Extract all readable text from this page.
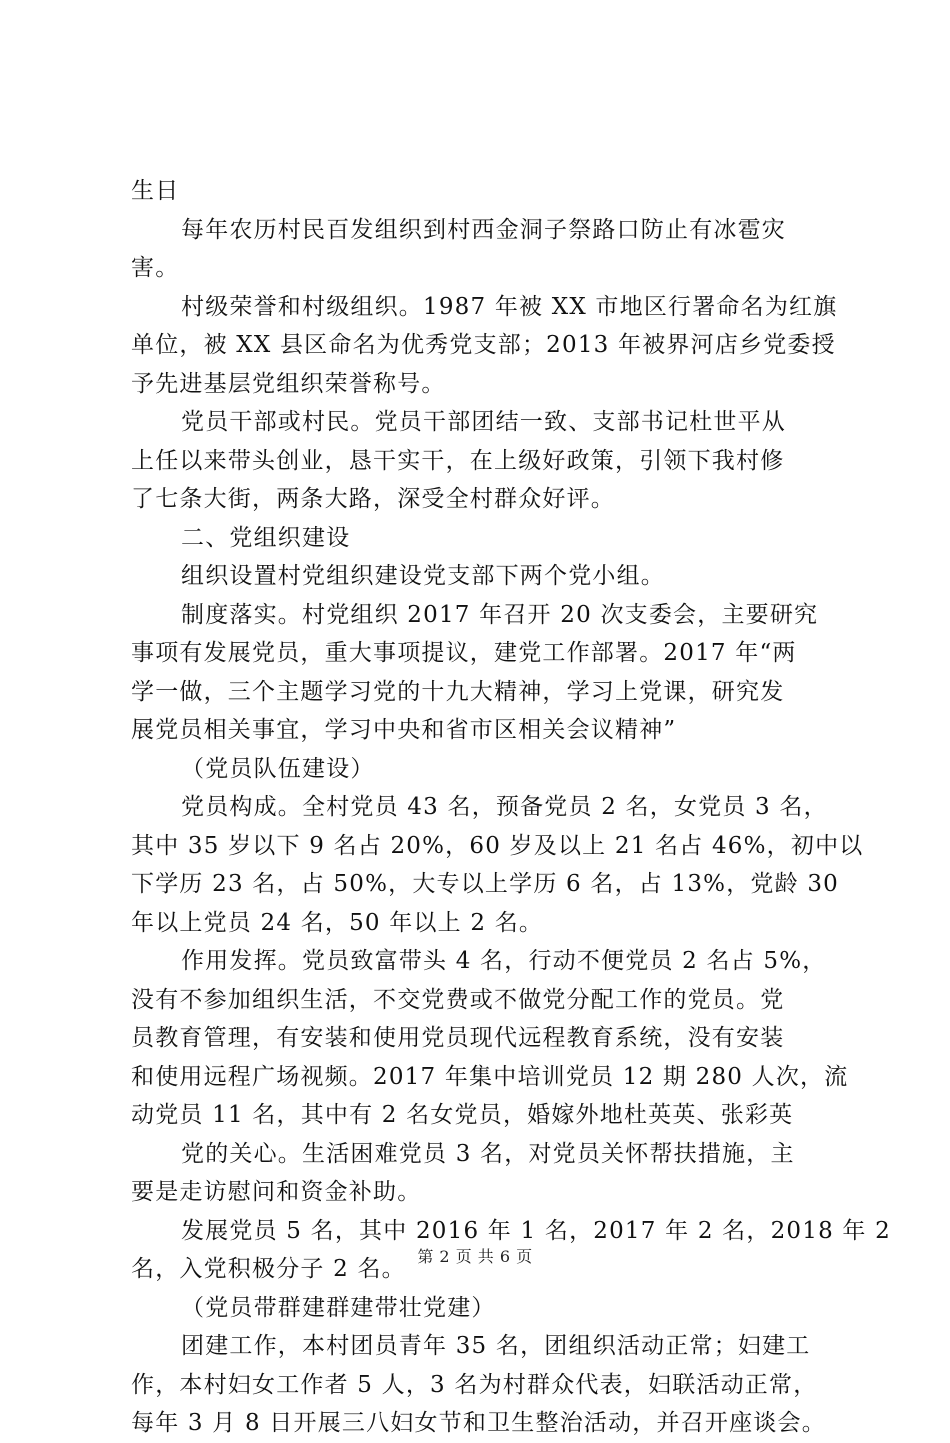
生日
每年农历村民百发组织到村西金洞子祭路口防止有冰雹灾
害。
村级荣誉和村级组织。1987 年被 XX 市地区行署命名为红旗
单位，被 XX 县区命名为优秀党支部；2013 年被界河店乡党委授
予先进基层党组织荣誉称号。
党员干部或村民。党员干部团结一致、支部书记杜世平从
上任以来带头创业，恳干实干，在上级好政策，引领下我村修
了七条大街，两条大路，深受全村群众好评。
二、党组织建设
组织设置村党组织建设党支部下两个党小组。
制度落实。村党组织 2017 年召开 20 次支委会，主要研究
事项有发展党员，重大事项提议，建党工作部署。2017 年“两
学一做，三个主题学习党的十九大精神，学习上党课，研究发
展党员相关事宜，学习中央和省市区相关会议精神”
（党员队伍建设）
党员构成。全村党员 43 名，预备党员 2 名，女党员 3 名，
其中 35 岁以下 9 名占 20%，60 岁及以上 21 名占 46%，初中以
下学历 23 名，占 50%，大专以上学历 6 名，占 13%，党龄 30
年以上党员 24 名，50 年以上 2 名。
作用发挥。党员致富带头 4 名，行动不便党员 2 名占 5%，
没有不参加组织生活，不交党费或不做党分配工作的党员。党
员教育管理，有安装和使用党员现代远程教育系统，没有安装
和使用远程广场视频。2017 年集中培训党员 12 期 280 人次，流
动党员 11 名，其中有 2 名女党员，婚嫁外地杜英英、张彩英
党的关心。生活困难党员 3 名，对党员关怀帮扶措施，主
要是走访慰问和资金补助。
发展党员 5 名，其中 2016 年 1 名，2017 年 2 名，2018 年 2
名，入党积极分子 2 名。
（党员带群建群建带壮党建）
团建工作，本村团员青年 35 名，团组织活动正常；妇建工
作，本村妇女工作者 5 人，3 名为村群众代表，妇联活动正常，
每年 3 月 8 日开展三八妇女节和卫生整治活动，并召开座谈会。
第 2 页 共 6 页
